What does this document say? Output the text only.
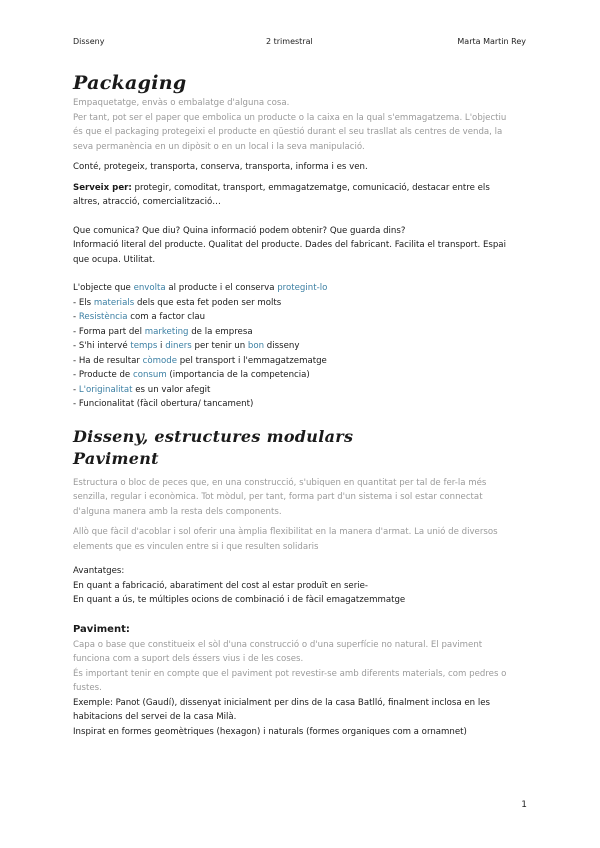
Disseny	2 trimestral	Marta Martin Rey
Packaging

Empaquetatge, envàs o embalatge d'alguna cosa.

Per tant, pot ser el paper que embolica un producte o la caixa en la qual s'emmagatzema. L'objectiu

és que el packaging protegeixi el producte en qüestió durant el seu trasllat als centres de venda, la

seva permanència en un dipòsit o en un local i la seva manipulació.

Conté, protegeix, transporta, conserva, transporta, informa i es ven.

Serveix per: protegir, comoditat, transport, emmagatzematge, comunicació, destacar entre els

altres, atracció, comercialització…

Que comunica? Que diu? Quina informació podem obtenir? Que guarda dins?

Informació literal del producte. Qualitat del producte. Dades del fabricant. Facilita el transport. Espai

que ocupa. Utilitat.

L'objecte que envolta al producte i el conserva protegint-lo

- Els materials dels que esta fet poden ser molts
- Resistència com a factor clau
- Forma part del marketing de la empresa
- S'hi intervé temps i diners per tenir un bon disseny
- Ha de resultar còmode pel transport i l'emmagatzematge
- Producte de consum (importancia de la competencia)
- L'originalitat es un valor afegit
- Funcionalitat (fàcil obertura/ tancament)
Disseny, estructures modulars
Paviment

Estructura o bloc de peces que, en una construcció, s'ubiquen en quantitat per tal de fer-la més

senzilla, regular i econòmica. Tot mòdul, per tant, forma part d'un sistema i sol estar connectat

d'alguna manera amb la resta dels components.

Allò que fàcil d'acoblar i sol oferir una àmplia flexibilitat en la manera d'armat. La unió de diversos

elements que es vinculen entre si i que resulten solidaris

Avantatges:

En quant a fabricació, abaratiment del cost al estar produït en serie-

En quant a ús, te múltiples ocions de combinació i de fàcil emagatzemmatge

Paviment:

Capa o base que constitueix el sòl d'una construcció o d'una superfície no natural. El paviment

funciona com a suport dels éssers vius i de les coses.

És important tenir en compte que el paviment pot revestir-se amb diferents materials, com pedres o

fustes.

Exemple: Panot (Gaudí), dissenyat inicialment per dins de la casa Batlló, finalment inclosa en les

habitacions del servei de la casa Milà.

Inspirat en formes geomètriques (hexagon) i naturals (formes organiques com a ornamnet)

1
